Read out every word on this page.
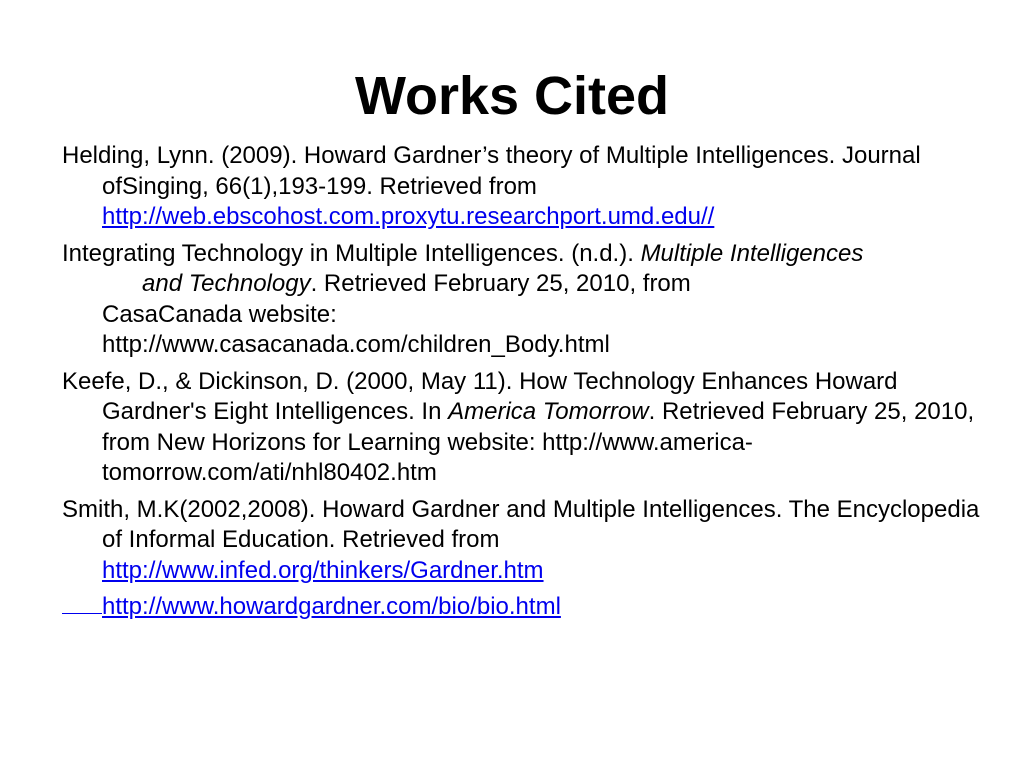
Works Cited

Helding, Lynn. (2009). Howard Gardner’s theory of Multiple Intelligences. Journal ofSinging, 66(1),193-199. Retrieved from
http://web.ebscohost.com.proxytu.researchport.umd.edu//

Integrating Technology in Multiple Intelligences. (n.d.). Multiple Intelligences
and Technology. Retrieved February 25, 2010, from
CasaCanada website:
http://www.casacanada.com/children_Body.html

Keefe, D., & Dickinson, D. (2000, May 11). How Technology Enhances Howard Gardner's Eight Intelligences. In America Tomorrow. Retrieved February 25, 2010, from New Horizons for Learning website: http://www.america-tomorrow.com/ati/nhl80402.htm

Smith, M.K(2002,2008). Howard Gardner and Multiple Intelligences. The Encyclopedia of Informal Education. Retrieved from
http://www.infed.org/thinkers/Gardner.htm

http://www.howardgardner.com/bio/bio.html
